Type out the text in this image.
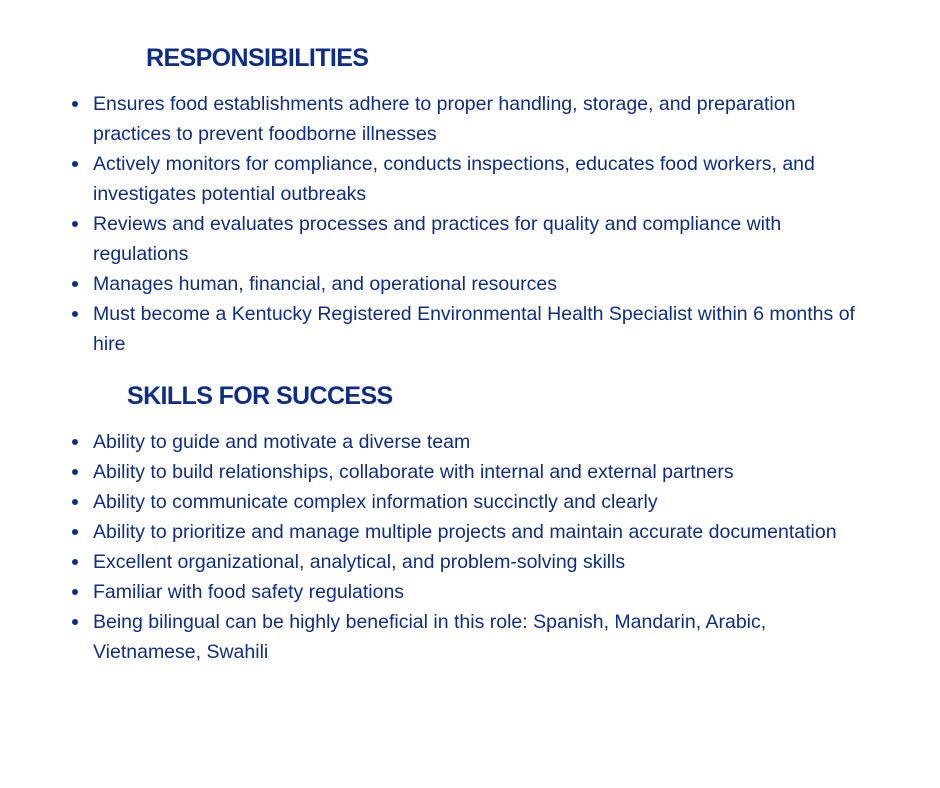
RESPONSIBILITIES
Ensures food establishments adhere to proper handling, storage, and preparation practices to prevent foodborne illnesses
Actively monitors for compliance, conducts inspections, educates food workers, and investigates potential outbreaks
Reviews and evaluates processes and practices for quality and compliance with regulations
Manages human, financial, and operational resources
Must become a Kentucky Registered Environmental Health Specialist within 6 months of hire
SKILLS FOR SUCCESS
Ability to guide and motivate a diverse team
Ability to build relationships, collaborate with internal and external partners
Ability to communicate complex information succinctly and clearly
Ability to prioritize and manage multiple projects and maintain accurate documentation
Excellent organizational, analytical, and problem-solving skills
Familiar with food safety regulations
Being bilingual can be highly beneficial in this role: Spanish, Mandarin, Arabic, Vietnamese, Swahili
